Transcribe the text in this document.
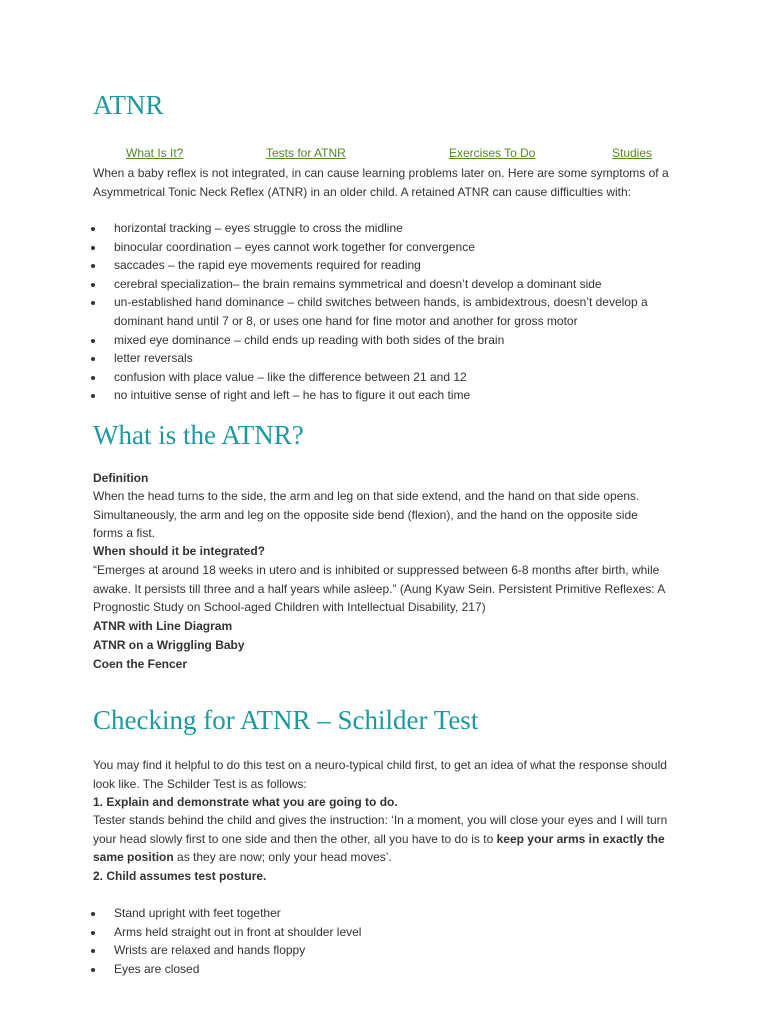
ATNR
What Is It?	Tests for ATNR	Exercises To Do	Studies

When a baby reflex is not integrated, in can cause learning problems later on. Here are some symptoms of a Asymmetrical Tonic Neck Reflex (ATNR) in an older child. A retained ATNR can cause difficulties with:

horizontal tracking – eyes struggle to cross the midline
binocular coordination – eyes cannot work together for convergence
saccades – the rapid eye movements required for reading
cerebral specialization– the brain remains symmetrical and doesn’t develop a dominant side
un-established hand dominance – child switches between hands, is ambidextrous, doesn’t develop a dominant hand until 7 or 8, or uses one hand for fine motor and another for gross motor
mixed eye dominance – child ends up reading with both sides of the brain
letter reversals
confusion with place value – like the difference between 21 and 12
no intuitive sense of right and left – he has to figure it out each time
What is the ATNR?

Definition

When the head turns to the side, the arm and leg on that side extend, and the hand on that side opens. Simultaneously, the arm and leg on the opposite side bend (flexion), and the hand on the opposite side forms a fist.

When should it be integrated?

“Emerges at around 18 weeks in utero and is inhibited or suppressed between 6-8 months after birth, while awake. It persists till three and a half years while asleep.” (Aung Kyaw Sein. Persistent Primitive Reflexes: A Prognostic Study on School-aged Children with Intellectual Disability, 217)

ATNR with Line Diagram

ATNR on a Wriggling Baby

Coen the Fencer

Checking for ATNR – Schilder Test

You may find it helpful to do this test on a neuro-typical child first, to get an idea of what the response should look like. The Schilder Test is as follows:

1. Explain and demonstrate what you are going to do.

Tester stands behind the child and gives the instruction: ‘In a moment, you will close your eyes and I will turn your head slowly first to one side and then the other, all you have to do is to keep your arms in exactly the same position as they are now; only your head moves’.

2. Child assumes test posture.

Stand upright with feet together
Arms held straight out in front at shoulder level
Wrists are relaxed and hands floppy
Eyes are closed
